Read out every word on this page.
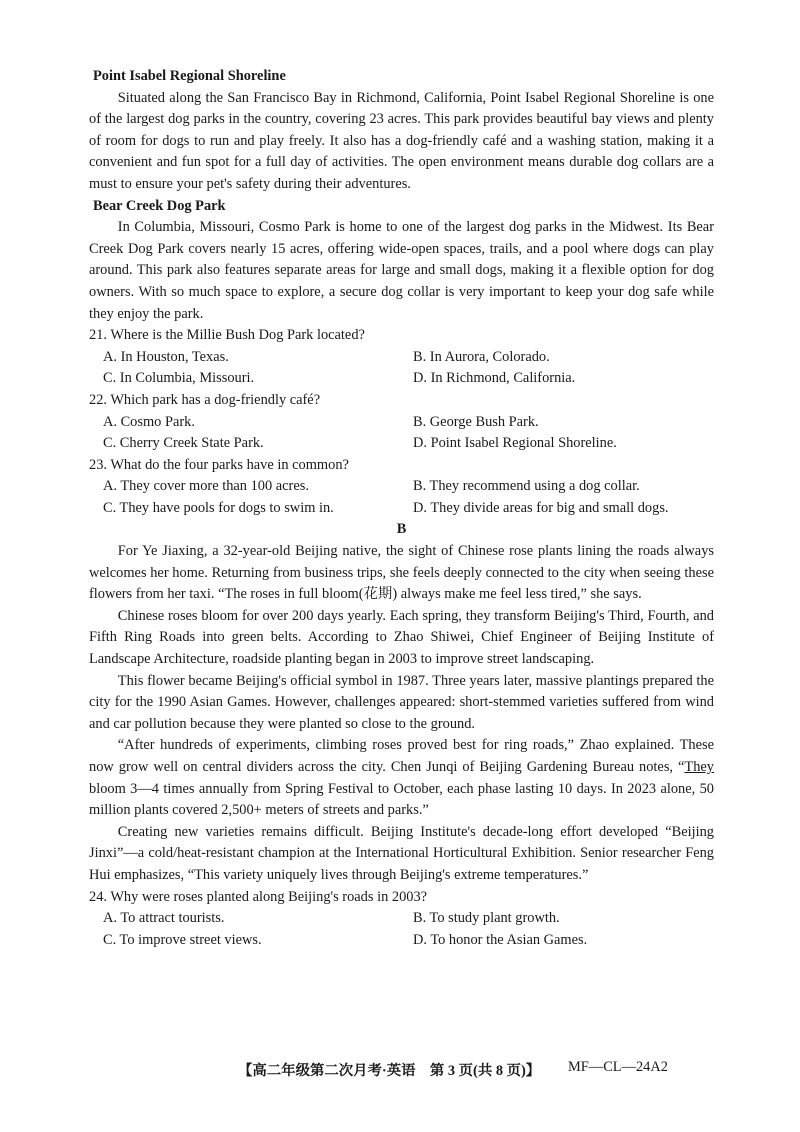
Point Isabel Regional Shoreline

Situated along the San Francisco Bay in Richmond, California, Point Isabel Regional Shoreline is one of the largest dog parks in the country, covering 23 acres. This park provides beautiful bay views and plenty of room for dogs to run and play freely. It also has a dog-friendly café and a washing station, making it a convenient and fun spot for a full day of activities. The open environment means durable dog collars are a must to ensure your pet's safety during their adventures.

Bear Creek Dog Park

In Columbia, Missouri, Cosmo Park is home to one of the largest dog parks in the Midwest. Its Bear Creek Dog Park covers nearly 15 acres, offering wide-open spaces, trails, and a pool where dogs can play around. This park also features separate areas for large and small dogs, making it a flexible option for dog owners. With so much space to explore, a secure dog collar is very important to keep your dog safe while they enjoy the park.

21. Where is the Millie Bush Dog Park located?

A. In Houston, Texas.	B. In Aurora, Colorado.
C. In Columbia, Missouri.	D. In Richmond, California.

22. Which park has a dog-friendly café?

A. Cosmo Park.	B. George Bush Park.
C. Cherry Creek State Park.	D. Point Isabel Regional Shoreline.

23. What do the four parks have in common?

A. They cover more than 100 acres.	B. They recommend using a dog collar.
C. They have pools for dogs to swim in.	D. They divide areas for big and small dogs.

B

For Ye Jiaxing, a 32-year-old Beijing native, the sight of Chinese rose plants lining the roads always welcomes her home. Returning from business trips, she feels deeply connected to the city when seeing these flowers from her taxi. “The roses in full bloom(花期) always make me feel less tired,” she says.

Chinese roses bloom for over 200 days yearly. Each spring, they transform Beijing's Third, Fourth, and Fifth Ring Roads into green belts. According to Zhao Shiwei, Chief Engineer of Beijing Institute of Landscape Architecture, roadside planting began in 2003 to improve street landscaping.

This flower became Beijing's official symbol in 1987. Three years later, massive plantings prepared the city for the 1990 Asian Games. However, challenges appeared: short-stemmed varieties suffered from wind and car pollution because they were planted so close to the ground.

“After hundreds of experiments, climbing roses proved best for ring roads,” Zhao explained. These now grow well on central dividers across the city. Chen Junqi of Beijing Gardening Bureau notes, “They bloom 3—4 times annually from Spring Festival to October, each phase lasting 10 days. In 2023 alone, 50 million plants covered 2,500+ meters of streets and parks.”

Creating new varieties remains difficult. Beijing Institute's decade-long effort developed “Beijing Jinxi”—a cold/heat-resistant champion at the International Horticultural Exhibition. Senior researcher Feng Hui emphasizes, “This variety uniquely lives through Beijing's extreme temperatures.”

24. Why were roses planted along Beijing's roads in 2003?

A. To attract tourists.	B. To study plant growth.
C. To improve street views.	D. To honor the Asian Games.
【高二年级第二次月考·英语　第 3 页(共 8 页)】 MF—CL—24A2
